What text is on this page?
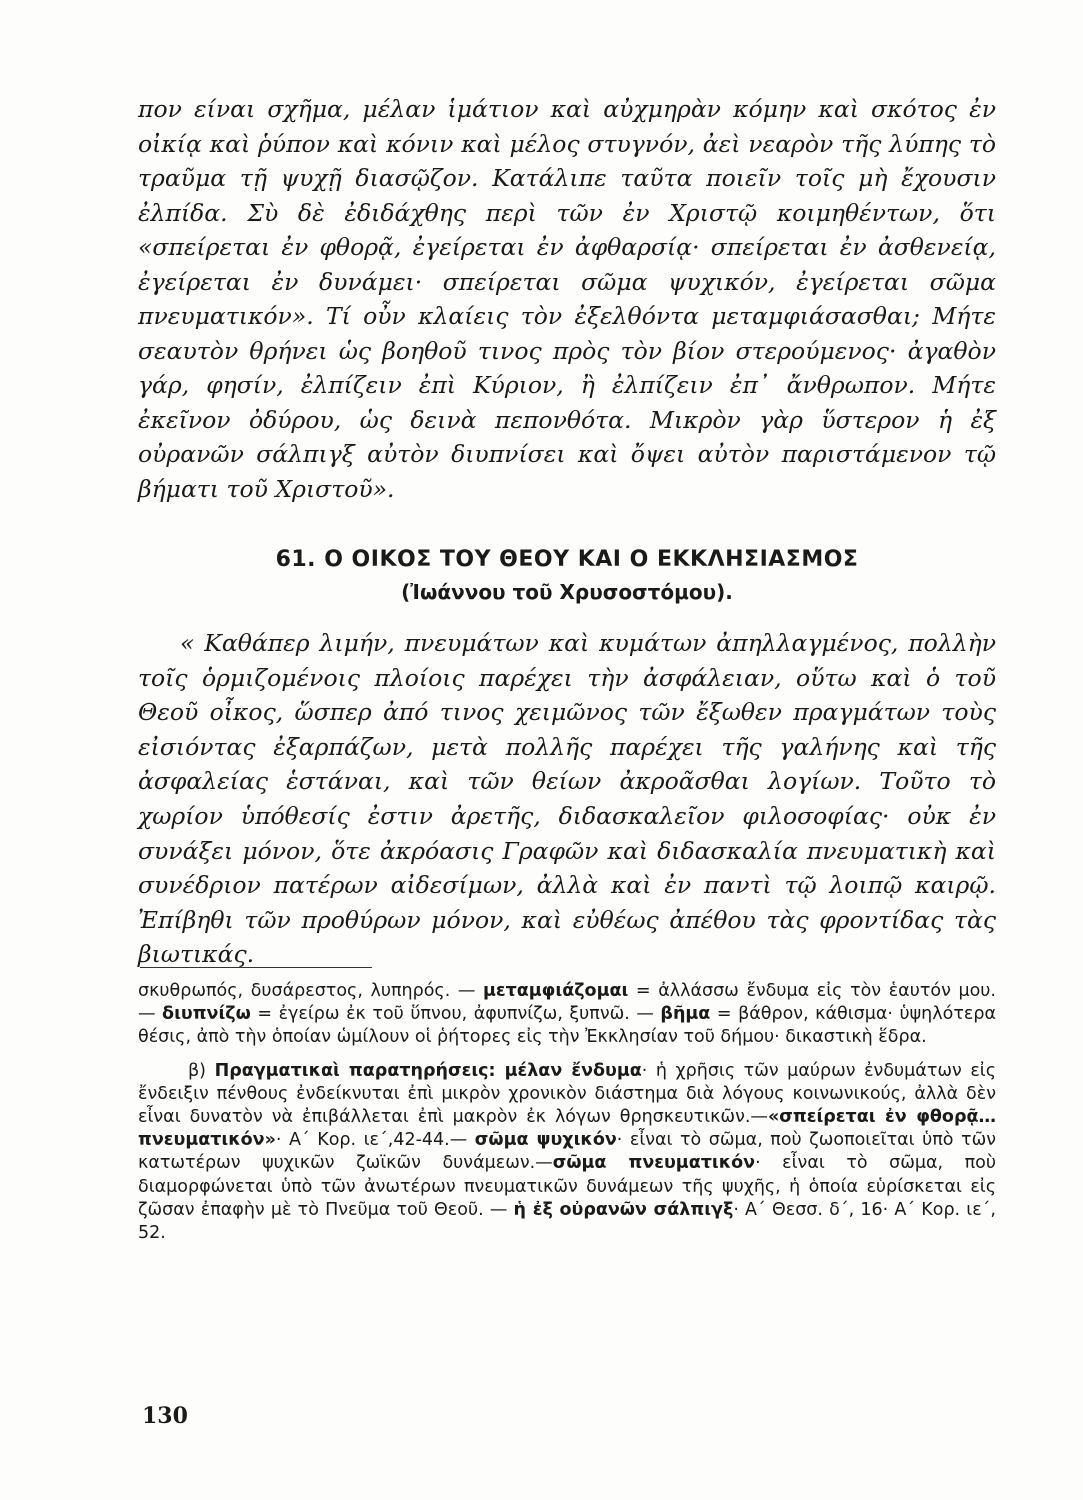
πον είναι σχῆμα, μέλαν ἱμάτιον καὶ αὐχμηρὰν κόμην καὶ σκότος ἐν οἰκίᾳ καὶ ῥύπον καὶ κόνιν καὶ μέλος στυγνόν, ἀεὶ νεαρὸν τῆς λύπης τὸ τραῦμα τῇ ψυχῇ διασῷζον. Κατάλιπε ταῦτα ποιεῖν τοῖς μὴ ἔχουσιν ἐλπίδα. Σὺ δὲ ἐδιδάχθης περὶ τῶν ἐν Χριστῷ κοιμηθέντων, ὅτι «σπείρεται ἐν φθορᾷ, ἐγείρεται ἐν ἀφθαρσίᾳ· σπείρεται ἐν ἀσθενείᾳ, ἐγείρεται ἐν δυνάμει· σπείρεται σῶμα ψυχικόν, ἐγείρεται σῶμα πνευματικόν». Τί οὖν κλαίεις τὸν ἐξελθόντα μεταμφιάσασθαι; Μήτε σεαυτὸν θρήνει ὡς βοηθοῦ τινος πρὸς τὸν βίον στερούμενος· ἀγαθὸν γάρ, φησίν, ἐλπίζειν ἐπὶ Κύριον, ἢ ἐλπίζειν ἐπ᾽ ἄνθρωπον. Μήτε ἐκεῖνον ὀδύρου, ὡς δεινὰ πεπονθότα. Μικρὸν γὰρ ὕστερον ἡ ἐξ οὐρανῶν σάλπιγξ αὐτὸν διυπνίσει καὶ ὄψει αὐτὸν παριστάμενον τῷ βήματι τοῦ Χριστοῦ».

61. Ο ΟΙΚΟΣ ΤΟΥ ΘΕΟΥ ΚΑΙ Ο ΕΚΚΛΗΣΙΑΣΜΟΣ
(Ἰωάννου τοῦ Χρυσοστόμου).

« Καθάπερ λιμήν, πνευμάτων καὶ κυμάτων ἀπηλλαγμένος, πολλὴν τοῖς ὁρμιζομένοις πλοίοις παρέχει τὴν ἀσφάλειαν, οὕτω καὶ ὁ τοῦ Θεοῦ οἶκος, ὥσπερ ἀπό τινος χειμῶνος τῶν ἔξωθεν πραγμάτων τοὺς εἰσιόντας ἐξαρπάζων, μετὰ πολλῆς παρέχει τῆς γαλήνης καὶ τῆς ἀσφαλείας ἑστάναι, καὶ τῶν θείων ἀκροᾶσθαι λογίων. Τοῦτο τὸ χωρίον ὑπόθεσίς ἐστιν ἀρετῆς, διδασκαλεῖον φιλοσοφίας· οὐκ ἐν συνάξει μόνον, ὅτε ἀκρόασις Γραφῶν καὶ διδασκαλία πνευματικὴ καὶ συνέδριον πατέρων αἰδεσίμων, ἀλλὰ καὶ ἐν παντὶ τῷ λοιπῷ καιρῷ. Ἐπίβηθι τῶν προθύρων μόνον, καὶ εὐθέως ἀπέθου τὰς φροντίδας τὰς βιωτικάς.

σκυθρωπός, δυσάρεστος, λυπηρός. — μεταμφιάζομαι = ἀλλάσσω ἔνδυμα εἰς τὸν ἑαυτόν μου. — διυπνίζω = ἐγείρω ἐκ τοῦ ὕπνου, ἀφυπνίζω, ξυπνῶ. — βῆμα = βάθρον, κάθισμα· ὑψηλότερα θέσις, ἀπὸ τὴν ὁποίαν ὡμίλουν οἱ ῥήτορες εἰς τὴν Ἐκκλησίαν τοῦ δήμου· δικαστικὴ ἕδρα.

β) Πραγματικαὶ παρατηρήσεις: μέλαν ἔνδυμα· ἡ χρῆσις τῶν μαύρων ἐνδυμάτων εἰς ἔνδειξιν πένθους ἐνδείκνυται ἐπὶ μικρὸν χρονικὸν διάστημα διὰ λόγους κοινωνικούς, ἀλλὰ δὲν εἶναι δυνατὸν νὰ ἐπιβάλλεται ἐπὶ μακρὸν ἐκ λόγων θρησκευτικῶν.—«σπείρεται ἐν φθορᾷ…πνευματικόν»· Α΄ Κορ. ιε΄,42-44.— σῶμα ψυχικόν· εἶναι τὸ σῶμα, ποὺ ζωοποιεῖται ὑπὸ τῶν κατωτέρων ψυχικῶν ζωϊκῶν δυνάμεων.—σῶμα πνευματικόν· εἶναι τὸ σῶμα, ποὺ διαμορφώνεται ὑπὸ τῶν ἀνωτέρων πνευματικῶν δυνάμεων τῆς ψυχῆς, ἡ ὁποία εὑρίσκεται εἰς ζῶσαν ἐπαφὴν μὲ τὸ Πνεῦμα τοῦ Θεοῦ. — ἡ ἐξ οὐρανῶν σάλπιγξ· Α΄ Θεσσ. δ΄, 16· Α΄ Κορ. ιε΄, 52.

130
